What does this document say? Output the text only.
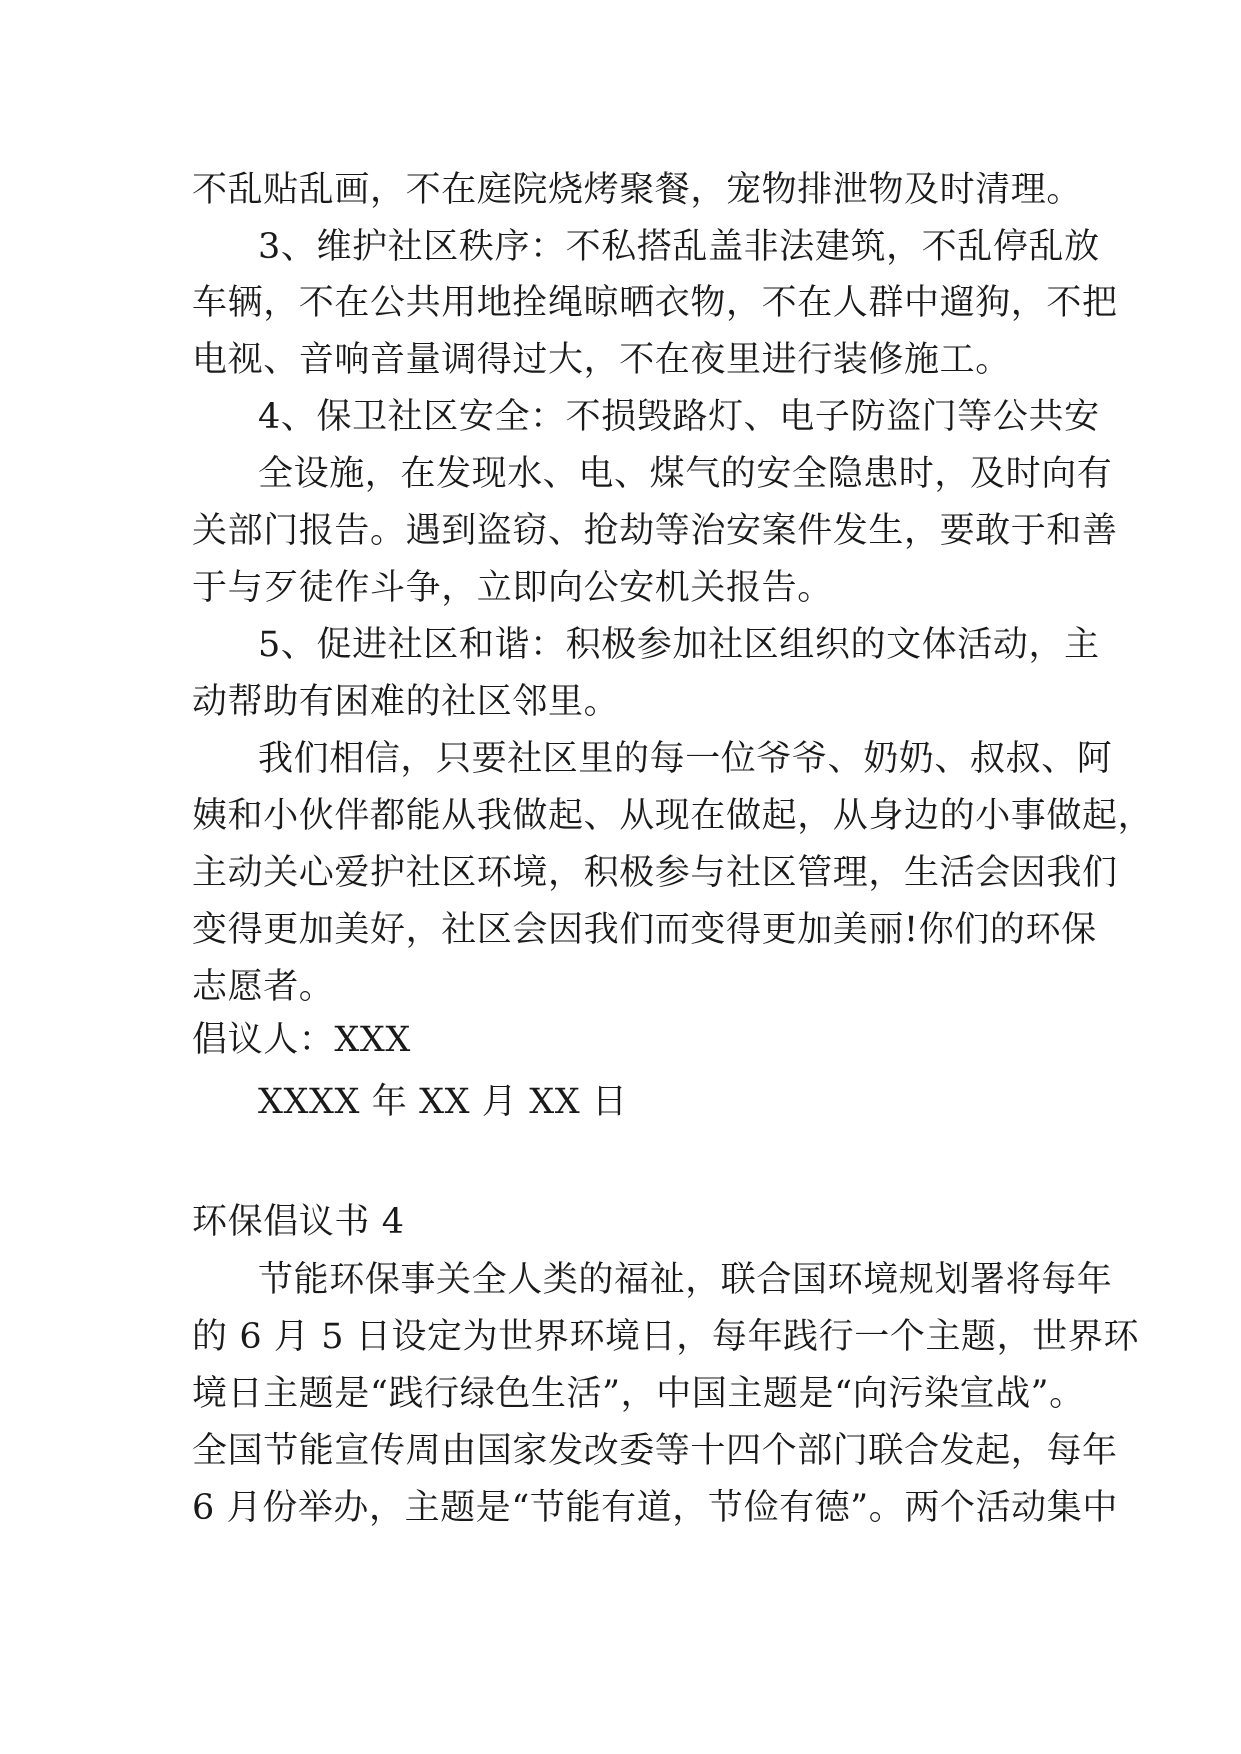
不乱贴乱画，不在庭院烧烤聚餐，宠物排泄物及时清理。
3、维护社区秩序：不私搭乱盖非法建筑，不乱停乱放
车辆，不在公共用地拴绳晾晒衣物，不在人群中遛狗，不把
电视、音响音量调得过大，不在夜里进行装修施工。
4、保卫社区安全：不损毁路灯、电子防盗门等公共安
全设施，在发现水、电、煤气的安全隐患时，及时向有
关部门报告。遇到盗窃、抢劫等治安案件发生，要敢于和善
于与歹徒作斗争，立即向公安机关报告。
5、促进社区和谐：积极参加社区组织的文体活动，主
动帮助有困难的社区邻里。
我们相信，只要社区里的每一位爷爷、奶奶、叔叔、阿
姨和小伙伴都能从我做起、从现在做起，从身边的小事做起，
主动关心爱护社区环境，积极参与社区管理，生活会因我们
变得更加美好，社区会因我们而变得更加美丽!你们的环保
志愿者。
倡议人：XXX
XXXX 年 XX 月 XX 日
环保倡议书 4
节能环保事关全人类的福祉，联合国环境规划署将每年
的 6 月 5 日设定为世界环境日，每年践行一个主题，世界环
境日主题是“践行绿色生活”，中国主题是“向污染宣战”。
全国节能宣传周由国家发改委等十四个部门联合发起，每年
6 月份举办，主题是“节能有道，节俭有德”。两个活动集中
